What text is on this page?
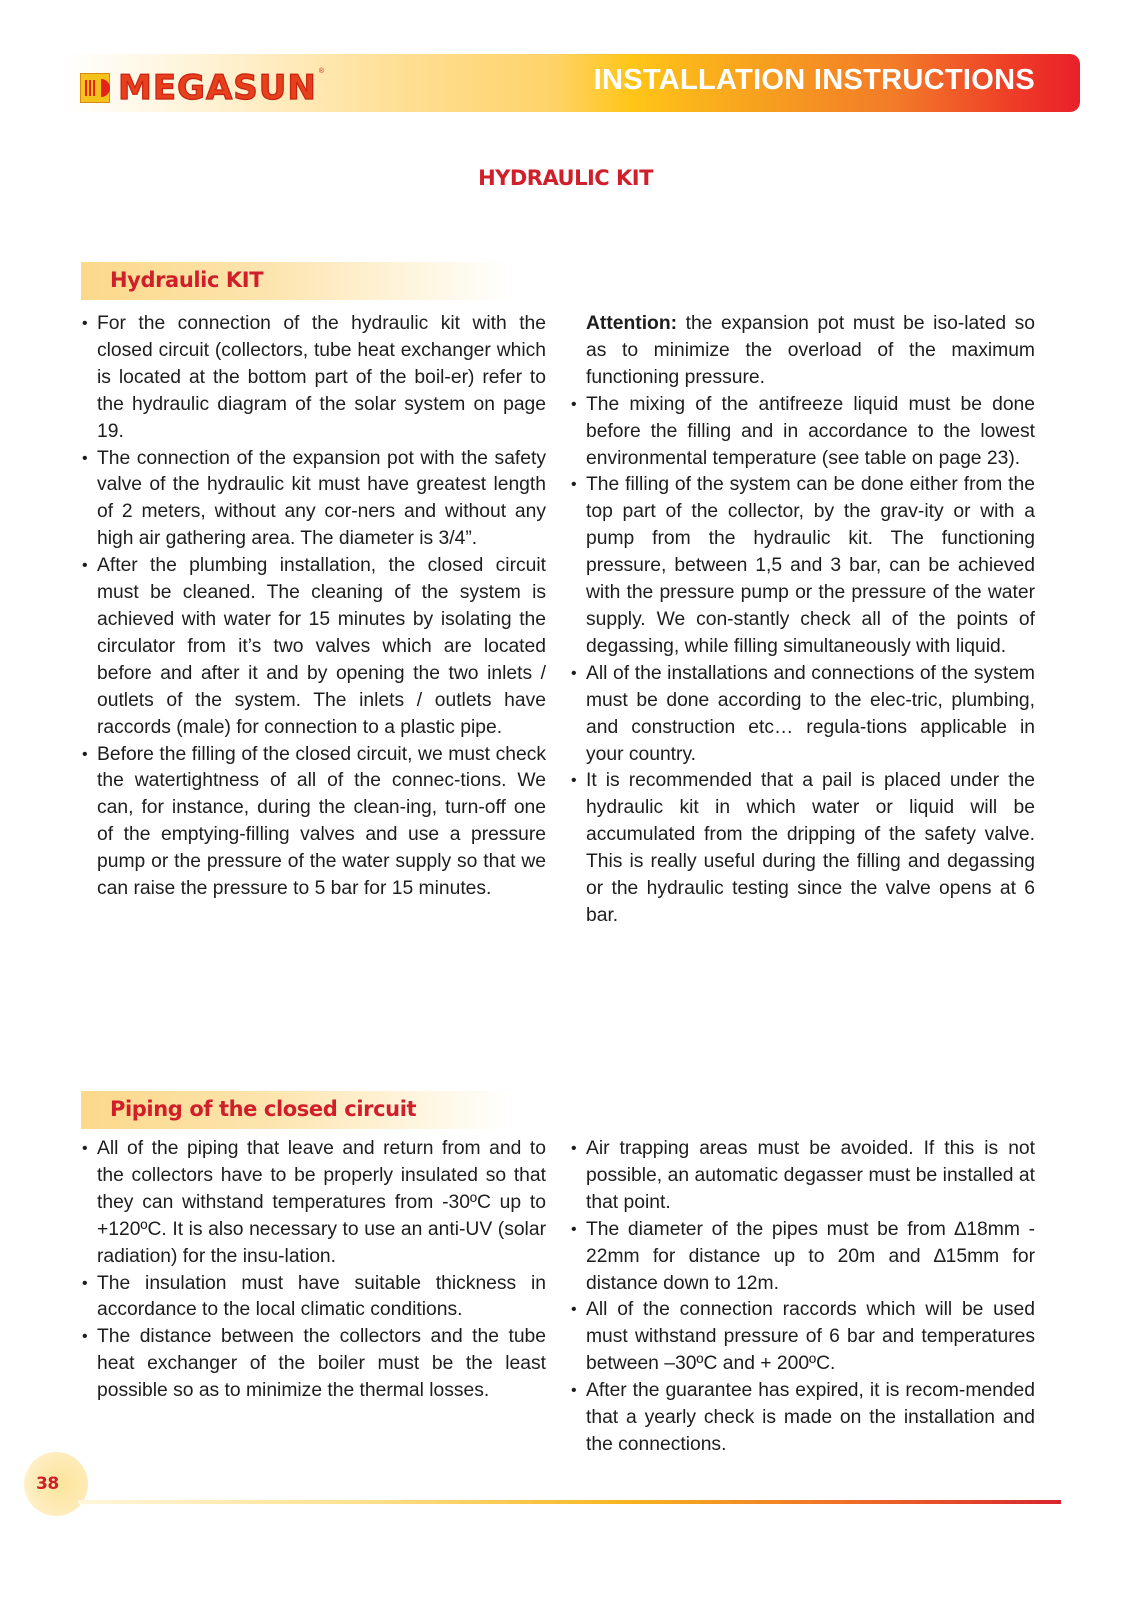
MEGASUN ®	INSTALLATION INSTRUCTIONS
HYDRAULIC KIT
Hydraulic KIT
• For the connection of the hydraulic kit with the closed circuit (collectors, tube heat exchanger which is located at the bottom part of the boil-er) refer to the hydraulic diagram of the solar system on page 19.
• The connection of the expansion pot with the safety valve of the hydraulic kit must have greatest length of 2 meters, without any cor-ners and without any high air gathering area. The diameter is 3/4”.
• After the plumbing installation, the closed circuit must be cleaned. The cleaning of the system is achieved with water for 15 minutes by isolating the circulator from it’s two valves which are located before and after it and by opening the two inlets / outlets of the system. The inlets / outlets have raccords (male) for connection to a plastic pipe.
• Before the filling of the closed circuit, we must check the watertightness of all of the connec-tions. We can, for instance, during the clean-ing, turn-off one of the emptying-filling valves and use a pressure pump or the pressure of the water supply so that we can raise the pressure to 5 bar for 15 minutes.

Attention: the expansion pot must be iso-lated so as to minimize the overload of the maximum functioning pressure.

• The mixing of the antifreeze liquid must be done before the filling and in accordance to the lowest environmental temperature (see table on page 23).
• The filling of the system can be done either from the top part of the collector, by the grav-ity or with a pump from the hydraulic kit. The functioning pressure, between 1,5 and 3 bar, can be achieved with the pressure pump or the pressure of the water supply. We con-stantly check all of the points of degassing, while filling simultaneously with liquid.
• All of the installations and connections of the system must be done according to the elec-tric, plumbing, and construction etc… regula-tions applicable in your country.
• It is recommended that a pail is placed under the hydraulic kit in which water or liquid will be accumulated from the dripping of the safety valve. This is really useful during the filling and degassing or the hydraulic testing since the valve opens at 6 bar.
Piping of the closed circuit
• All of the piping that leave and return from and to the collectors have to be properly insulated so that they can withstand temperatures from -30ºC up to +120ºC. It is also necessary to use an anti-UV (solar radiation) for the insu-lation.
• The insulation must have suitable thickness in accordance to the local climatic conditions.
• The distance between the collectors and the tube heat exchanger of the boiler must be the least possible so as to minimize the thermal losses.
• Air trapping areas must be avoided. If this is not possible, an automatic degasser must be installed at that point.
• The diameter of the pipes must be from ∆18mm - 22mm for distance up to 20m and ∆15mm for distance down to 12m.
• All of the connection raccords which will be used must withstand pressure of 6 bar and temperatures between –30ºC and + 200ºC.
• After the guarantee has expired, it is recom-mended that a yearly check is made on the installation and the connections.
38
